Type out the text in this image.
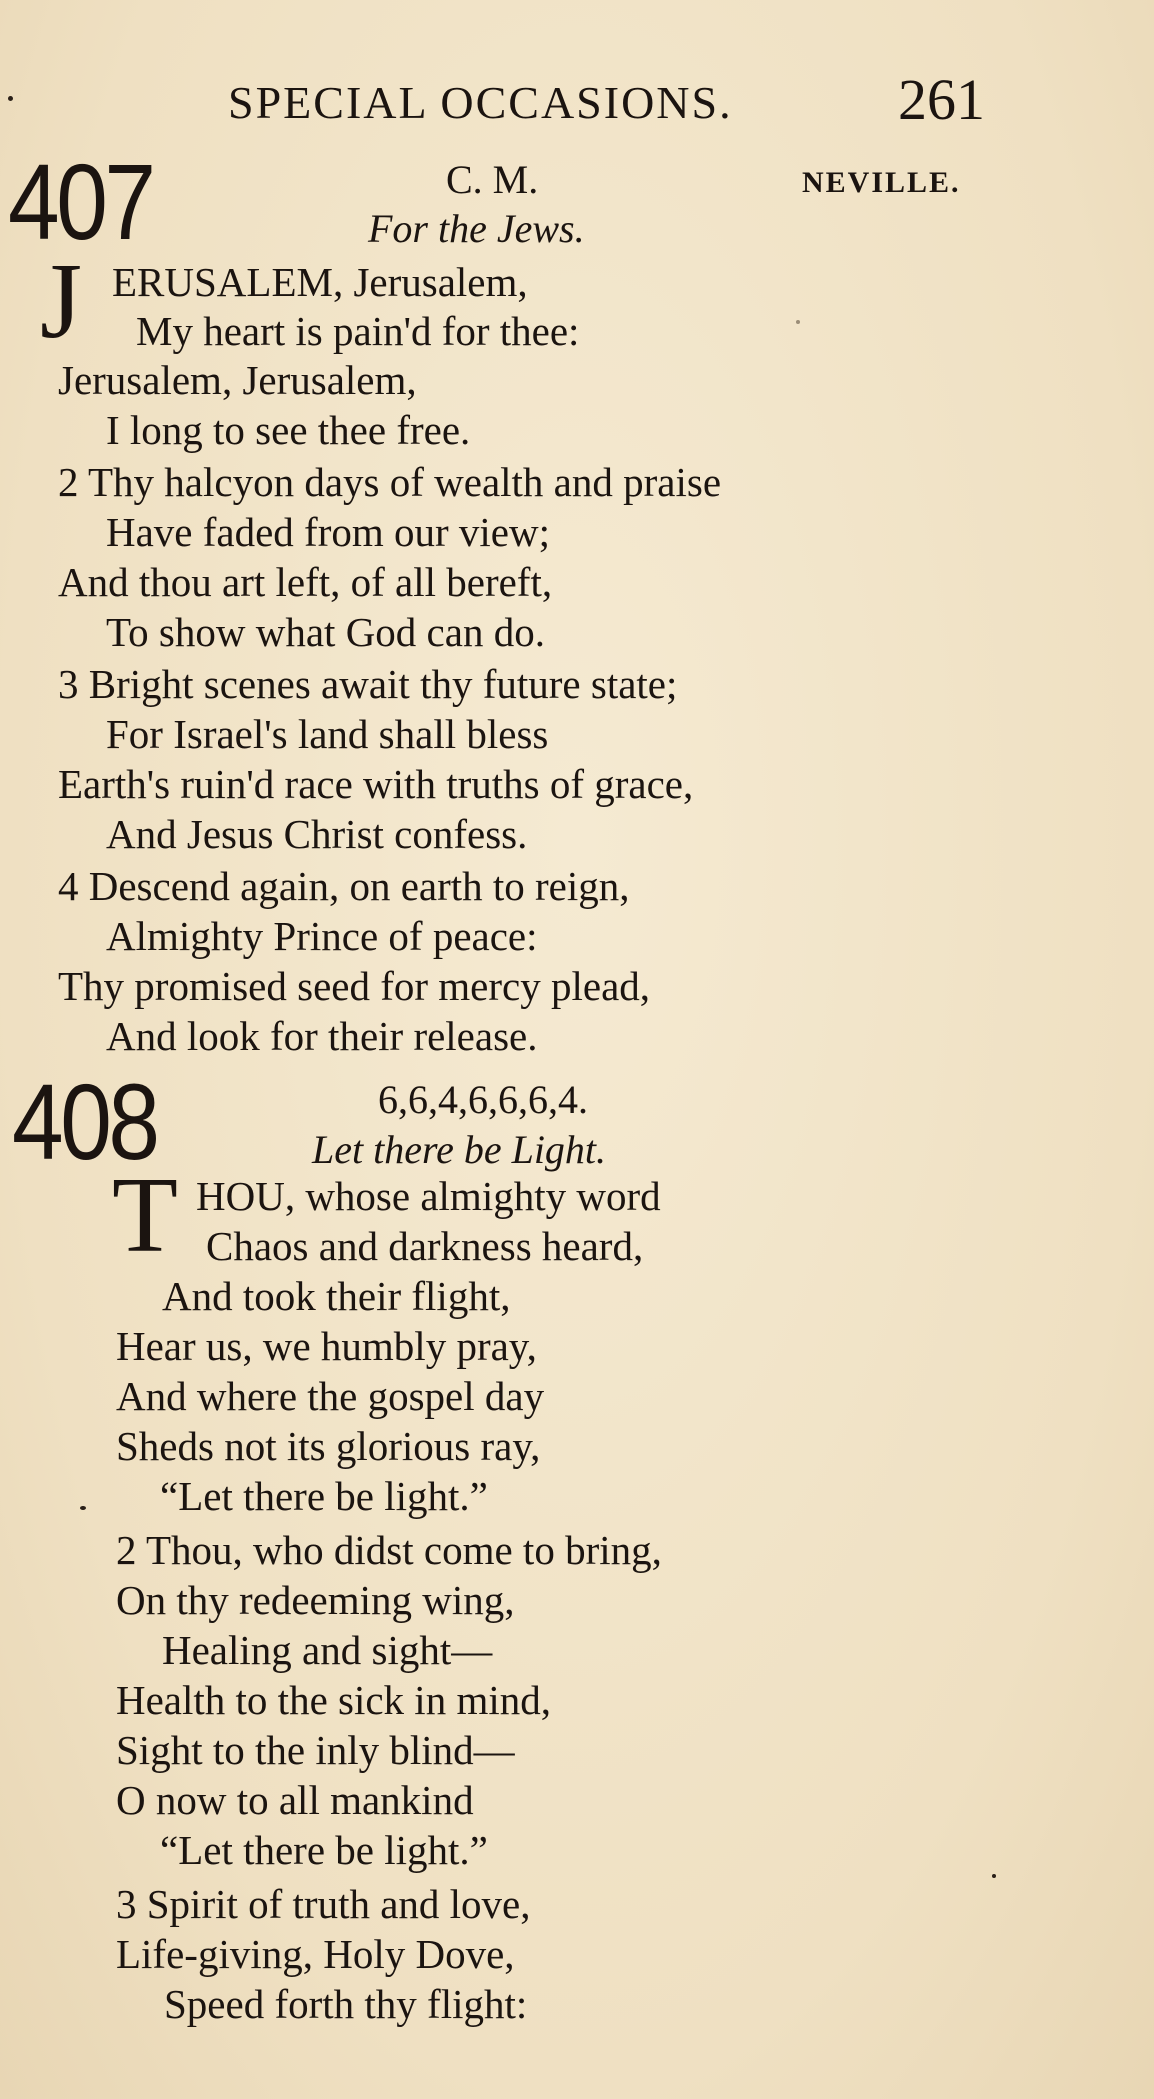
SPECIAL OCCASIONS.	261
407	C. M.	NEVILLE.
For the Jews.
J ERUSALEM, Jerusalem,
My heart is pain'd for thee:
Jerusalem, Jerusalem,
I long to see thee free.
2 Thy halcyon days of wealth and praise
Have faded from our view;
And thou art left, of all bereft,
To show what God can do.
3 Bright scenes await thy future state;
For Israel's land shall bless
Earth's ruin'd race with truths of grace,
And Jesus Christ confess.
4 Descend again, on earth to reign,
Almighty Prince of peace:
Thy promised seed for mercy plead,
And look for their release.
408	6,6,4,6,6,6,4.
Let there be Light.
T HOU, whose almighty word
Chaos and darkness heard,
And took their flight,
Hear us, we humbly pray,
And where the gospel day
Sheds not its glorious ray,
“Let there be light.”
2 Thou, who didst come to bring,
On thy redeeming wing,
Healing and sight—
Health to the sick in mind,
Sight to the inly blind—
O now to all mankind
“Let there be light.”
3 Spirit of truth and love,
Life-giving, Holy Dove,
Speed forth thy flight:
